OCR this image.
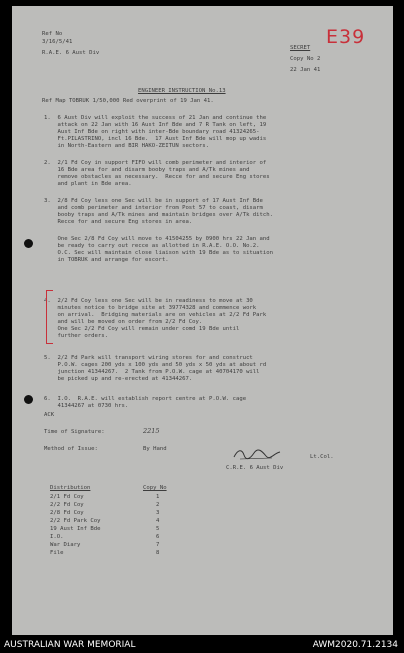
Ref No
3/16/5/41
R.A.E. 6 Aust Div
SECRET
Copy No 2
22 Jan 41
E39
ENGINEER INSTRUCTION No.13
Ref Map TOBRUK 1/50,000 Red overprint of 19 Jan 41.

1.  6 Aust Div will exploit the success of 21 Jan and continue the
attack on 22 Jan with 16 Aust Inf Bde and 7 R Tank on left, 19
Aust Inf Bde on right with inter-Bde boundary road 41324265-
Ft.PILASTRINO, incl 16 Bde.  17 Aust Inf Bde will mop up wadis
in North-Eastern and BIR HAKO-ZEITUN sectors.

2.  2/1 Fd Coy in support FIFO will comb perimeter and interior of
16 Bde area for and disarm booby traps and A/Tk mines and
remove obstacles as necessary.  Recce for and secure Eng stores
and plant in Bde area.

3.  2/8 Fd Coy less one Sec will be in support of 17 Aust Inf Bde
and comb perimeter and interior from Post 57 to coast, disarm
booby traps and A/Tk mines and maintain bridges over A/Tk ditch.
Recce for and secure Eng stores in area.

One Sec 2/8 Fd Coy will move to 41504255 by 0900 hrs 22 Jan and
be ready to carry out recce as allotted in R.A.E. O.O. No.2.
O.C. Sec will maintain close liaison with 19 Bde as to situation
in TOBRUK and arrange for escort.

4.  2/2 Fd Coy less one Sec will be in readiness to move at 30
minutes notice to bridge site at 39774328 and commence work
on arrival.  Bridging materials are on vehicles at 2/2 Fd Park
and will be moved on order from 2/2 Fd Coy.
One Sec 2/2 Fd Coy will remain under comd 19 Bde until
further orders.

5.  2/2 Fd Park will transport wiring stores for and construct
P.O.W. cages 200 yds x 100 yds and 50 yds x 50 yds at about rd
junction 41344267.  2 Tank from P.O.W. cage at 40704170 will
be picked up and re-erected at 41344267.

6.  I.O.  R.A.E. will establish report centre at P.O.W. cage
41344267 at 0730 hrs.

ACK
Time of Signature:	2215
Method of Issue:	By Hand
Lt.Col.
C.R.E. 6 Aust Div
Distribution	Copy No
2/1 Fd Coy	1
2/2 Fd Coy	2
2/8 Fd Coy	3
2/2 Fd Park Coy	4
19 Aust Inf Bde	5
I.O.	6
War Diary	7
File	8
AUSTRALIAN WAR MEMORIAL	AWM2020.71.2134
